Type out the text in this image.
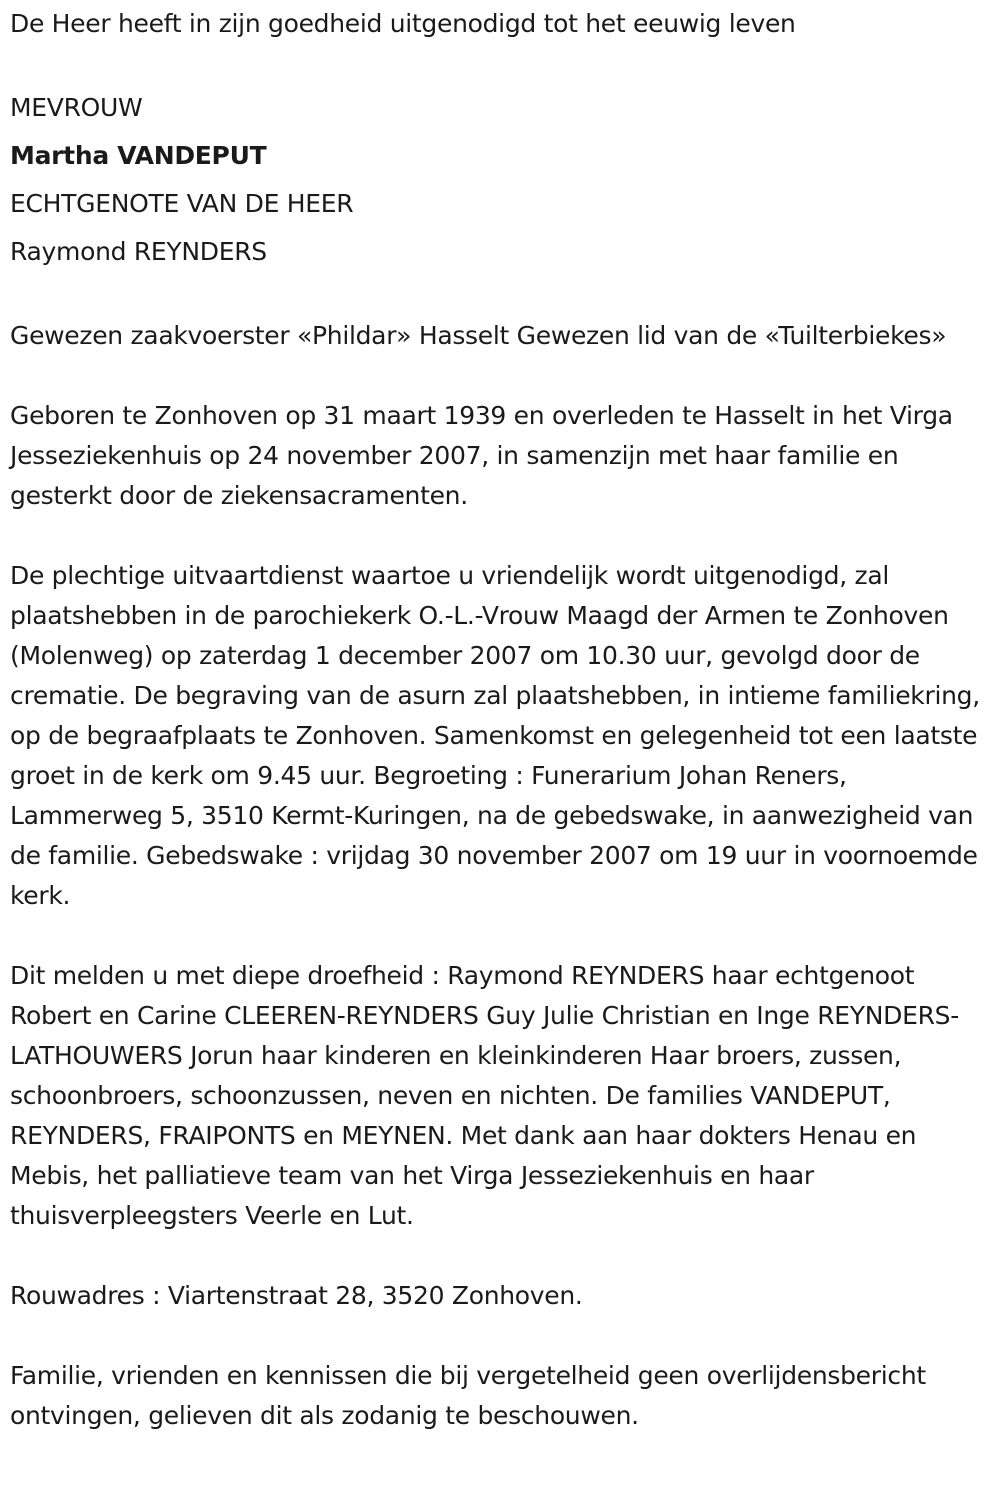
De Heer heeft in zijn goedheid uitgenodigd tot het eeuwig leven

MEVROUW

Martha VANDEPUT

ECHTGENOTE VAN DE HEER

Raymond REYNDERS

Gewezen zaakvoerster «Phildar» Hasselt Gewezen lid van de «Tuilterbiekes»

Geboren te Zonhoven op 31 maart 1939 en overleden te Hasselt in het Virga Jesseziekenhuis op 24 november 2007, in samenzijn met haar familie en gesterkt door de ziekensacramenten.

De plechtige uitvaartdienst waartoe u vriendelijk wordt uitgenodigd, zal plaatshebben in de parochiekerk O.-L.-Vrouw Maagd der Armen te Zonhoven (Molenweg) op zaterdag 1 december 2007 om 10.30 uur, gevolgd door de crematie. De begraving van de asurn zal plaatshebben, in intieme familiekring, op de begraafplaats te Zonhoven. Samenkomst en gelegenheid tot een laatste groet in de kerk om 9.45 uur. Begroeting : Funerarium Johan Reners, Lammerweg 5, 3510 Kermt-Kuringen, na de gebedswake, in aanwezigheid van de familie. Gebedswake : vrijdag 30 november 2007 om 19 uur in voornoemde kerk.

Dit melden u met diepe droefheid : Raymond REYNDERS haar echtgenoot Robert en Carine CLEEREN-REYNDERS Guy Julie Christian en Inge REYNDERS-LATHOUWERS Jorun haar kinderen en kleinkinderen Haar broers, zussen, schoonbroers, schoonzussen, neven en nichten. De families VANDEPUT, REYNDERS, FRAIPONTS en MEYNEN. Met dank aan haar dokters Henau en Mebis, het palliatieve team van het Virga Jesseziekenhuis en haar thuisverpleegsters Veerle en Lut.

Rouwadres : Viartenstraat 28, 3520 Zonhoven.

Familie, vrienden en kennissen die bij vergetelheid geen overlijdensbericht ontvingen, gelieven dit als zodanig te beschouwen.
